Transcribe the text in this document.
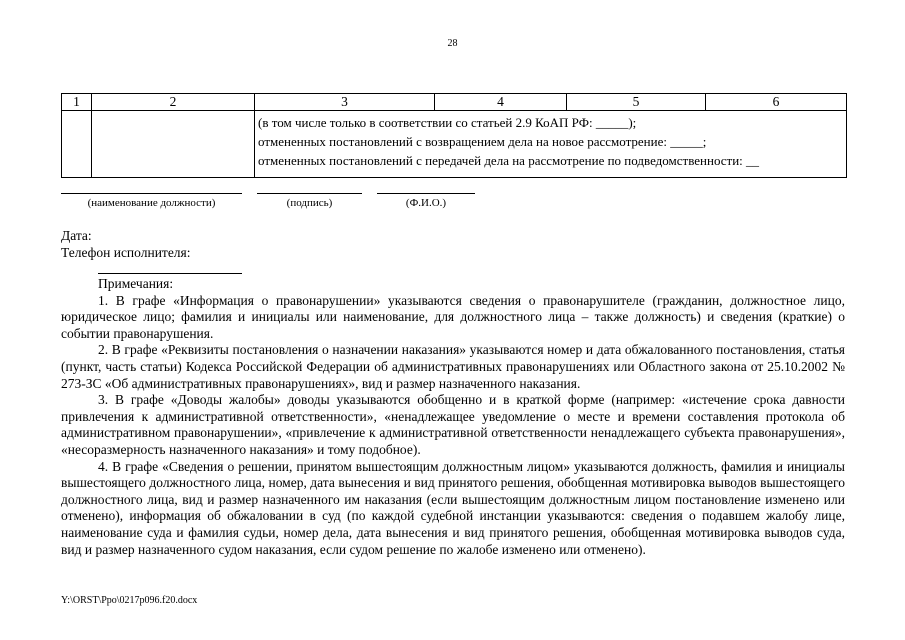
28
1	2	3	4	5	6

		(в том числе только в соответствии со статьей 2.9 КоАП РФ: _____);
отмененных постановлений с возвращением дела на новое рассмотрение: _____;
отмененных постановлений с передачей дела на рассмотрение по подведомственности: __			
(наименование должности)	(подпись)	(Ф.И.О.)
Дата:
Телефон исполнителя:

Примечания:

1. В графе «Информация о правонарушении» указываются сведения о правонарушителе (гражданин, должностное лицо, юридическое лицо; фамилия и инициалы или наименование, для должностного лица – также должность) и сведения (краткие) о событии правонарушения.

2. В графе «Реквизиты постановления о назначении наказания» указываются номер и дата обжалованного постановления, статья (пункт, часть статьи) Кодекса Российской Федерации об административных правонарушениях или Областного закона от 25.10.2002 № 273-ЗС «Об административных правонарушениях», вид и размер назначенного наказания.

3. В графе «Доводы жалобы» доводы указываются обобщенно и в краткой форме (например: «истечение срока давности привлечения к административной ответственности», «ненадлежащее уведомление о месте и времени составления протокола об административном правонарушении», «привлечение к административной ответственности ненадлежащего субъекта правонарушения», «несоразмерность назначенного наказания» и тому подобное).

4. В графе «Сведения о решении, принятом вышестоящим должностным лицом» указываются должность, фамилия и инициалы вышестоящего должностного лица, номер, дата вынесения и вид принятого решения, обобщенная мотивировка выводов вышестоящего должностного лица, вид и размер назначенного им наказания (если вышестоящим должностным лицом постановление изменено или отменено), информация об обжаловании в суд (по каждой судебной инстанции указываются: сведения о подавшем жалобу лице, наименование суда и фамилия судьи, номер дела, дата вынесения и вид принятого решения, обобщенная мотивировка выводов суда, вид и размер назначенного судом наказания, если судом решение по жалобе изменено или отменено).

Y:\ORST\Ppo\0217p096.f20.docx
